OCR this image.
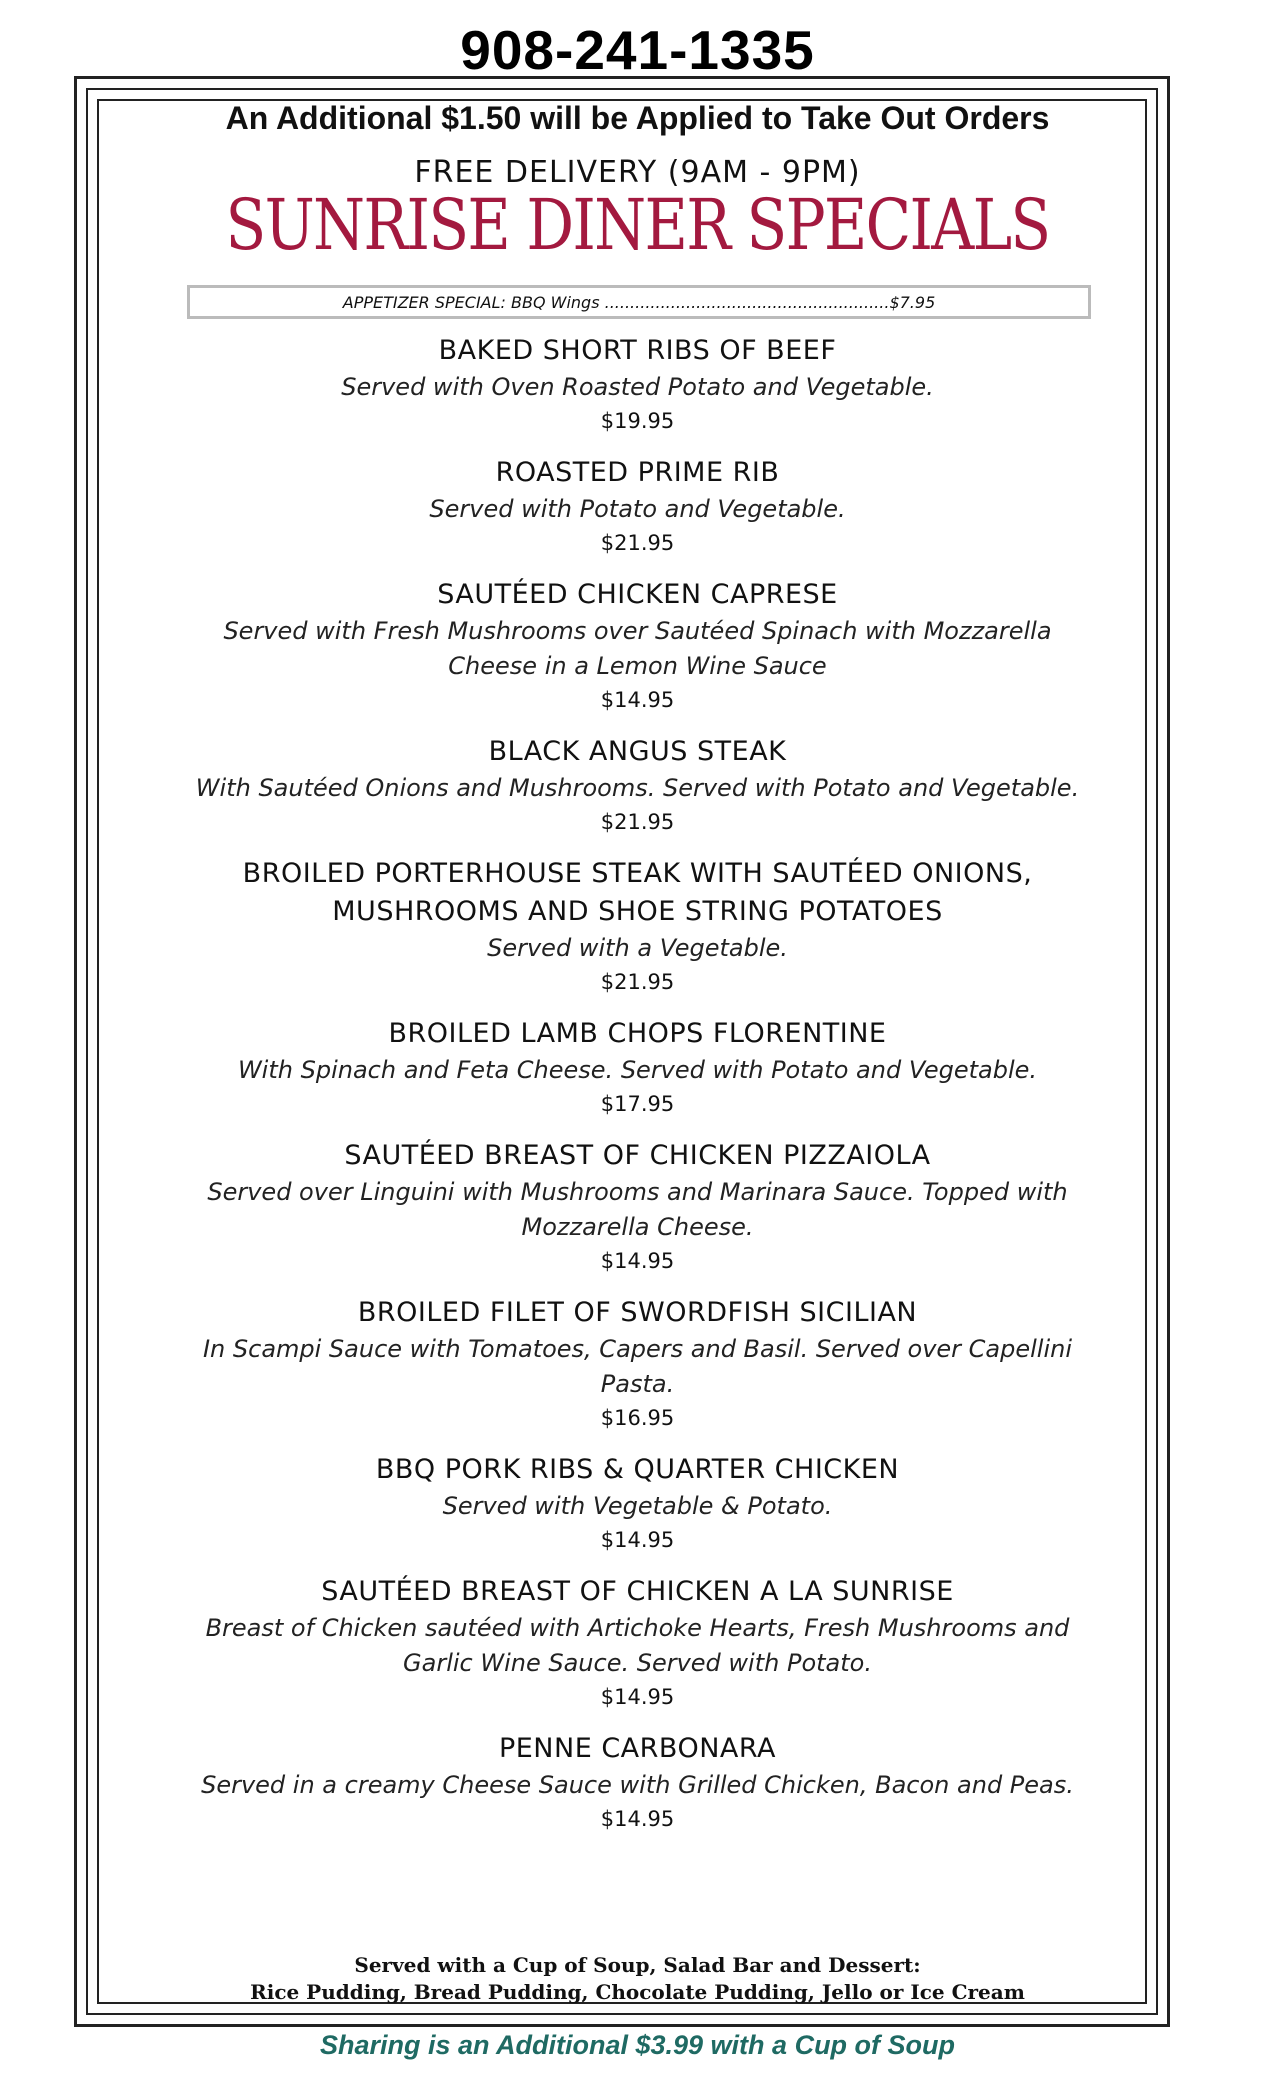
908-241-1335
An Additional $1.50 will be Applied to Take Out Orders
FREE DELIVERY (9AM - 9PM)
SUNRISE DINER SPECIALS
APPETIZER SPECIAL: BBQ Wings ........................................................$7.95
BAKED SHORT RIBS OF BEEF
Served with Oven Roasted Potato and Vegetable.
$19.95
ROASTED PRIME RIB
Served with Potato and Vegetable.
$21.95
SAUTÉED CHICKEN CAPRESE
Served with Fresh Mushrooms over Sautéed Spinach with Mozzarella Cheese in a Lemon Wine Sauce
$14.95
BLACK ANGUS STEAK
With Sautéed Onions and Mushrooms. Served with Potato and Vegetable.
$21.95
BROILED PORTERHOUSE STEAK WITH SAUTÉED ONIONS, MUSHROOMS AND SHOE STRING POTATOES
Served with a Vegetable.
$21.95
BROILED LAMB CHOPS FLORENTINE
With Spinach and Feta Cheese. Served with Potato and Vegetable.
$17.95
SAUTÉED BREAST OF CHICKEN PIZZAIOLA
Served over Linguini with Mushrooms and Marinara Sauce. Topped with Mozzarella Cheese.
$14.95
BROILED FILET OF SWORDFISH SICILIAN
In Scampi Sauce with Tomatoes, Capers and Basil. Served over Capellini Pasta.
$16.95
BBQ PORK RIBS & QUARTER CHICKEN
Served with Vegetable & Potato.
$14.95
SAUTÉED BREAST OF CHICKEN A LA SUNRISE
Breast of Chicken sautéed with Artichoke Hearts, Fresh Mushrooms and Garlic Wine Sauce. Served with Potato.
$14.95
PENNE CARBONARA
Served in a creamy Cheese Sauce with Grilled Chicken, Bacon and Peas.
$14.95
Served with a Cup of Soup, Salad Bar and Dessert:
Rice Pudding, Bread Pudding, Chocolate Pudding, Jello or Ice Cream
Sharing is an Additional $3.99 with a Cup of Soup
